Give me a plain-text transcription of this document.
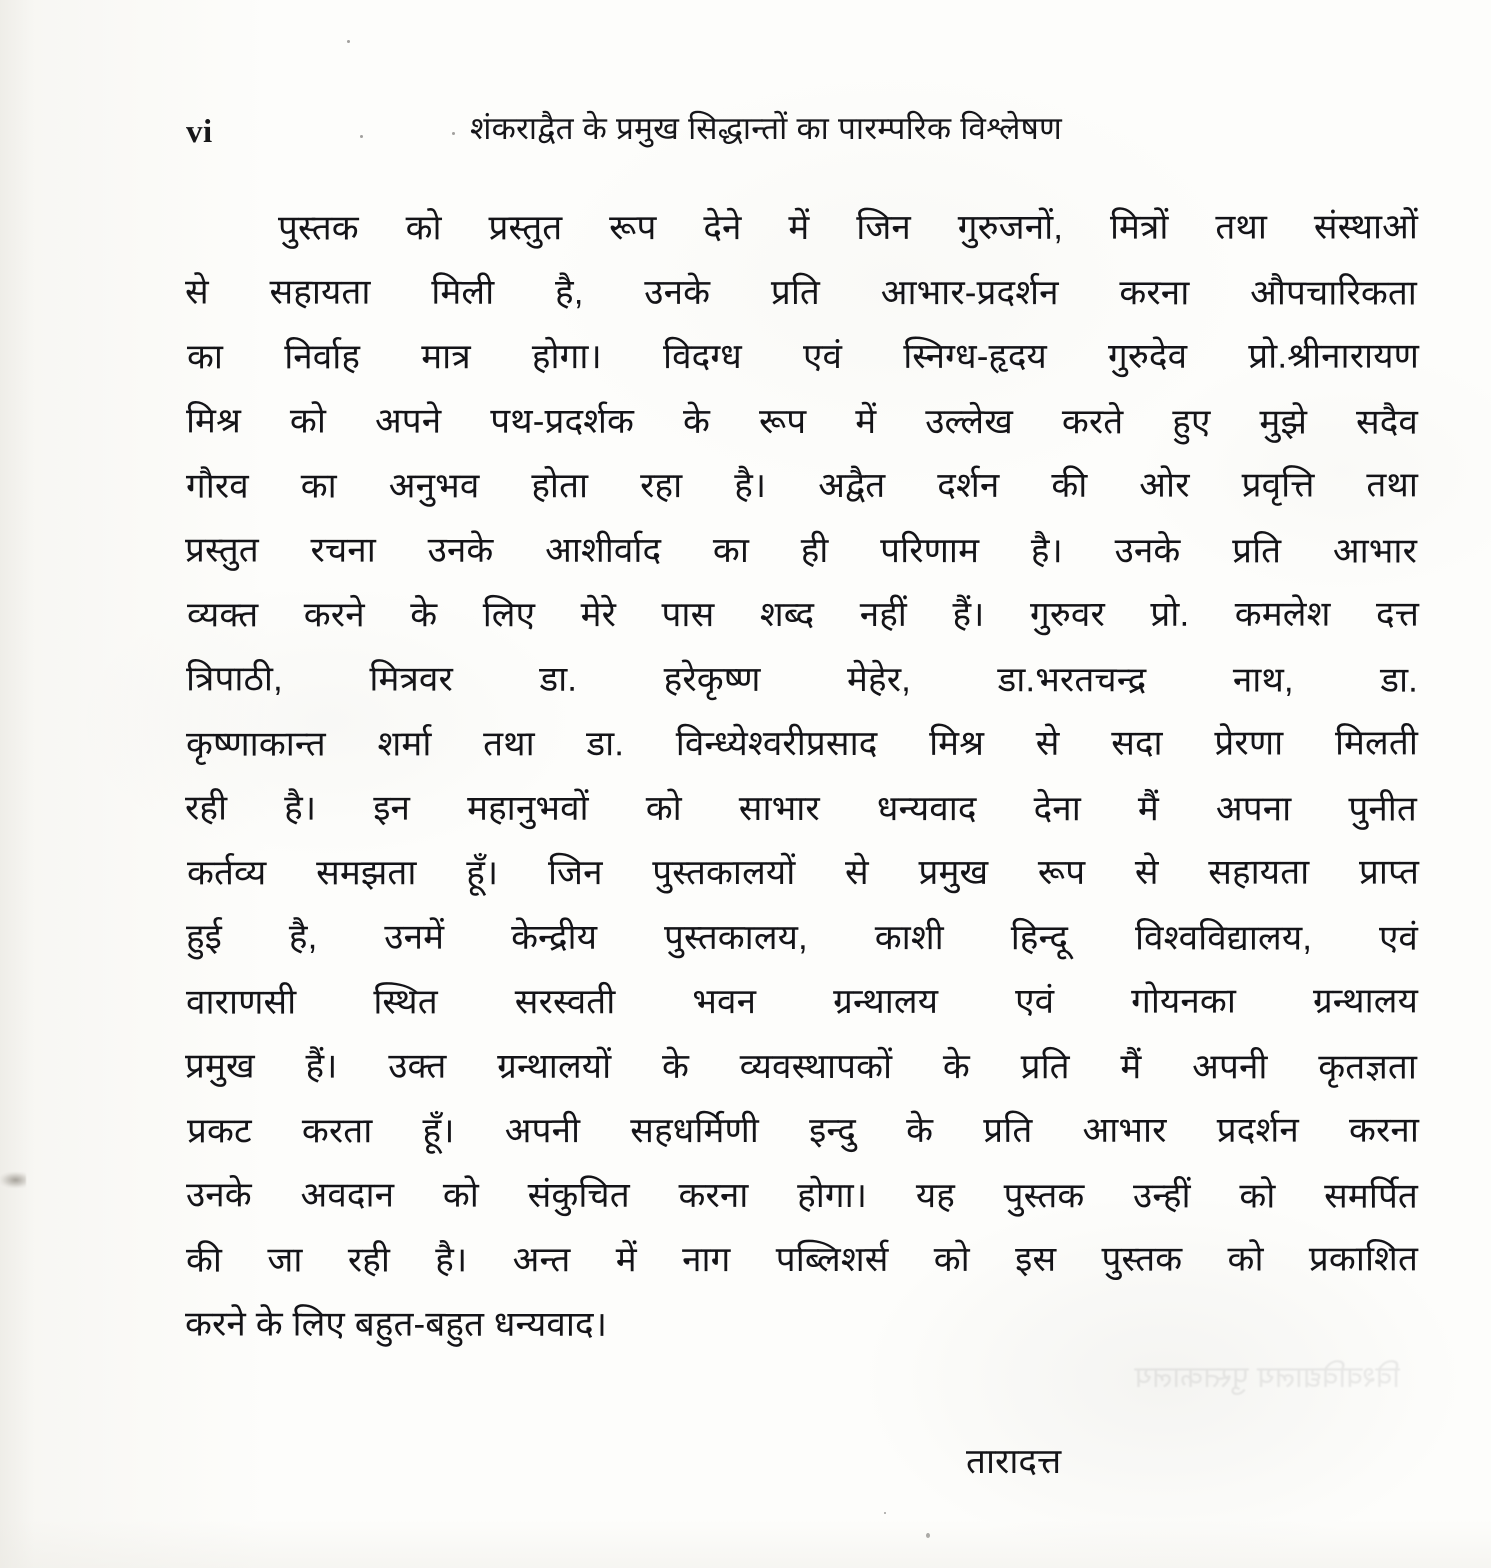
vi	शंकराद्वैत के प्रमुख सिद्धान्तों का पारम्परिक विश्लेषण
पुस्तक को प्रस्तुत रूप देने में जिन गुरुजनों, मित्रों तथा संस्थाओं
से सहायता मिली है, उनके प्रति आभार-प्रदर्शन करना औपचारिकता
का निर्वाह मात्र होगा। विदग्ध एवं स्निग्ध-हृदय गुरुदेव प्रो.श्रीनारायण
मिश्र को अपने पथ-प्रदर्शक के रूप में उल्लेख करते हुए मुझे सदैव
गौरव का अनुभव होता रहा है। अद्वैत दर्शन की ओर प्रवृत्ति तथा
प्रस्तुत रचना उनके आशीर्वाद का ही परिणाम है। उनके प्रति आभार
व्यक्त करने के लिए मेरे पास शब्द नहीं हैं। गुरुवर प्रो. कमलेश दत्त
त्रिपाठी, मित्रवर डा. हरेकृष्ण मेहेर, डा.भरतचन्द्र नाथ, डा.
कृष्णाकान्त शर्मा तथा डा. विन्ध्येश्वरीप्रसाद मिश्र से सदा प्रेरणा मिलती
रही है। इन महानुभवों को साभार धन्यवाद देना मैं अपना पुनीत
कर्तव्य समझता हूँ। जिन पुस्तकालयों से प्रमुख रूप से सहायता प्राप्त
हुई है, उनमें केन्द्रीय पुस्तकालय, काशी हिन्दू विश्वविद्यालय, एवं
वाराणसी स्थित सरस्वती भवन ग्रन्थालय एवं गोयनका ग्रन्थालय
प्रमुख हैं। उक्त ग्रन्थालयों के व्यवस्थापकों के प्रति मैं अपनी कृतज्ञता
प्रकट करता हूँ। अपनी सहधर्मिणी इन्दु के प्रति आभार प्रदर्शन करना
उनके अवदान को संकुचित करना होगा। यह पुस्तक उन्हीं को समर्पित
की जा रही है। अन्त में नाग पब्लिशर्स को इस पुस्तक को प्रकाशित
करने के लिए बहुत-बहुत धन्यवाद।
तारादत्त
विश्वविद्यालय पुस्तकालय
